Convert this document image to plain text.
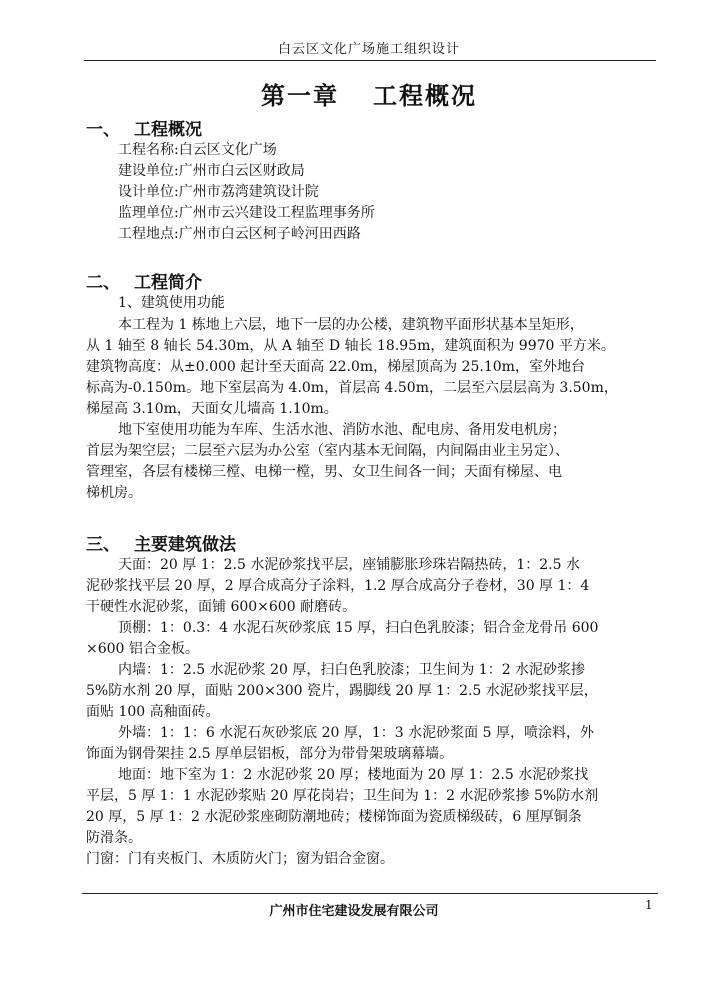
白云区文化广场施工组织设计
第一章 工程概况
一、 工程概况
工程名称:白云区文化广场
建设单位:广州市白云区财政局
设计单位:广州市荔湾建筑设计院
监理单位:广州市云兴建设工程监理事务所
工程地点:广州市白云区柯子岭河田西路
二、 工程简介
1、建筑使用功能
本工程为 1 栋地上六层，地下一层的办公楼，建筑物平面形状基本呈矩形，
从 1 轴至 8 轴长 54.30m，从 A 轴至 D 轴长 18.95m，建筑面积为 9970 平方米。
建筑物高度：从±0.000 起计至天面高 22.0m，梯屋顶高为 25.10m，室外地台
标高为-0.150m。地下室层高为 4.0m，首层高 4.50m，二层至六层层高为 3.50m，
梯屋高 3.10m，天面女儿墙高 1.10m。
地下室使用功能为车库、生活水池、消防水池、配电房、备用发电机房；
首层为架空层；二层至六层为办公室（室内基本无间隔，内间隔由业主另定）、
管理室，各层有楼梯三樘、电梯一樘，男、女卫生间各一间；天面有梯屋、电
梯机房。
三、 主要建筑做法
天面：20 厚 1：2.5 水泥砂浆找平层，座铺膨胀珍珠岩隔热砖，1：2.5 水
泥砂浆找平层 20 厚，2 厚合成高分子涂料，1.2 厚合成高分子卷材，30 厚 1：4
干硬性水泥砂浆，面铺 600×600 耐磨砖。
顶棚：1：0.3：4 水泥石灰砂浆底 15 厚，扫白色乳胶漆；铝合金龙骨吊 600
×600 铝合金板。
内墙：1：2.5 水泥砂浆 20 厚，扫白色乳胶漆；卫生间为 1：2 水泥砂浆掺
5%防水剂 20 厚，面贴 200×300 瓷片，踢脚线 20 厚 1：2.5 水泥砂浆找平层，
面贴 100 高釉面砖。
外墙：1：1：6 水泥石灰砂浆底 20 厚，1：3 水泥砂浆面 5 厚，喷涂料，外
饰面为钢骨架挂 2.5 厚单层铝板，部分为带骨架玻璃幕墙。
地面：地下室为 1：2 水泥砂浆 20 厚；楼地面为 20 厚 1：2.5 水泥砂浆找
平层，5 厚 1：1 水泥砂浆贴 20 厚花岗岩；卫生间为 1：2 水泥砂浆掺 5%防水剂
20 厚，5 厚 1：2 水泥砂浆座砌防潮地砖；楼梯饰面为瓷质梯级砖，6 厘厚铜条
防滑条。
门窗：门有夹板门、木质防火门；窗为铝合金窗。
广州市住宅建设发展有限公司	1
